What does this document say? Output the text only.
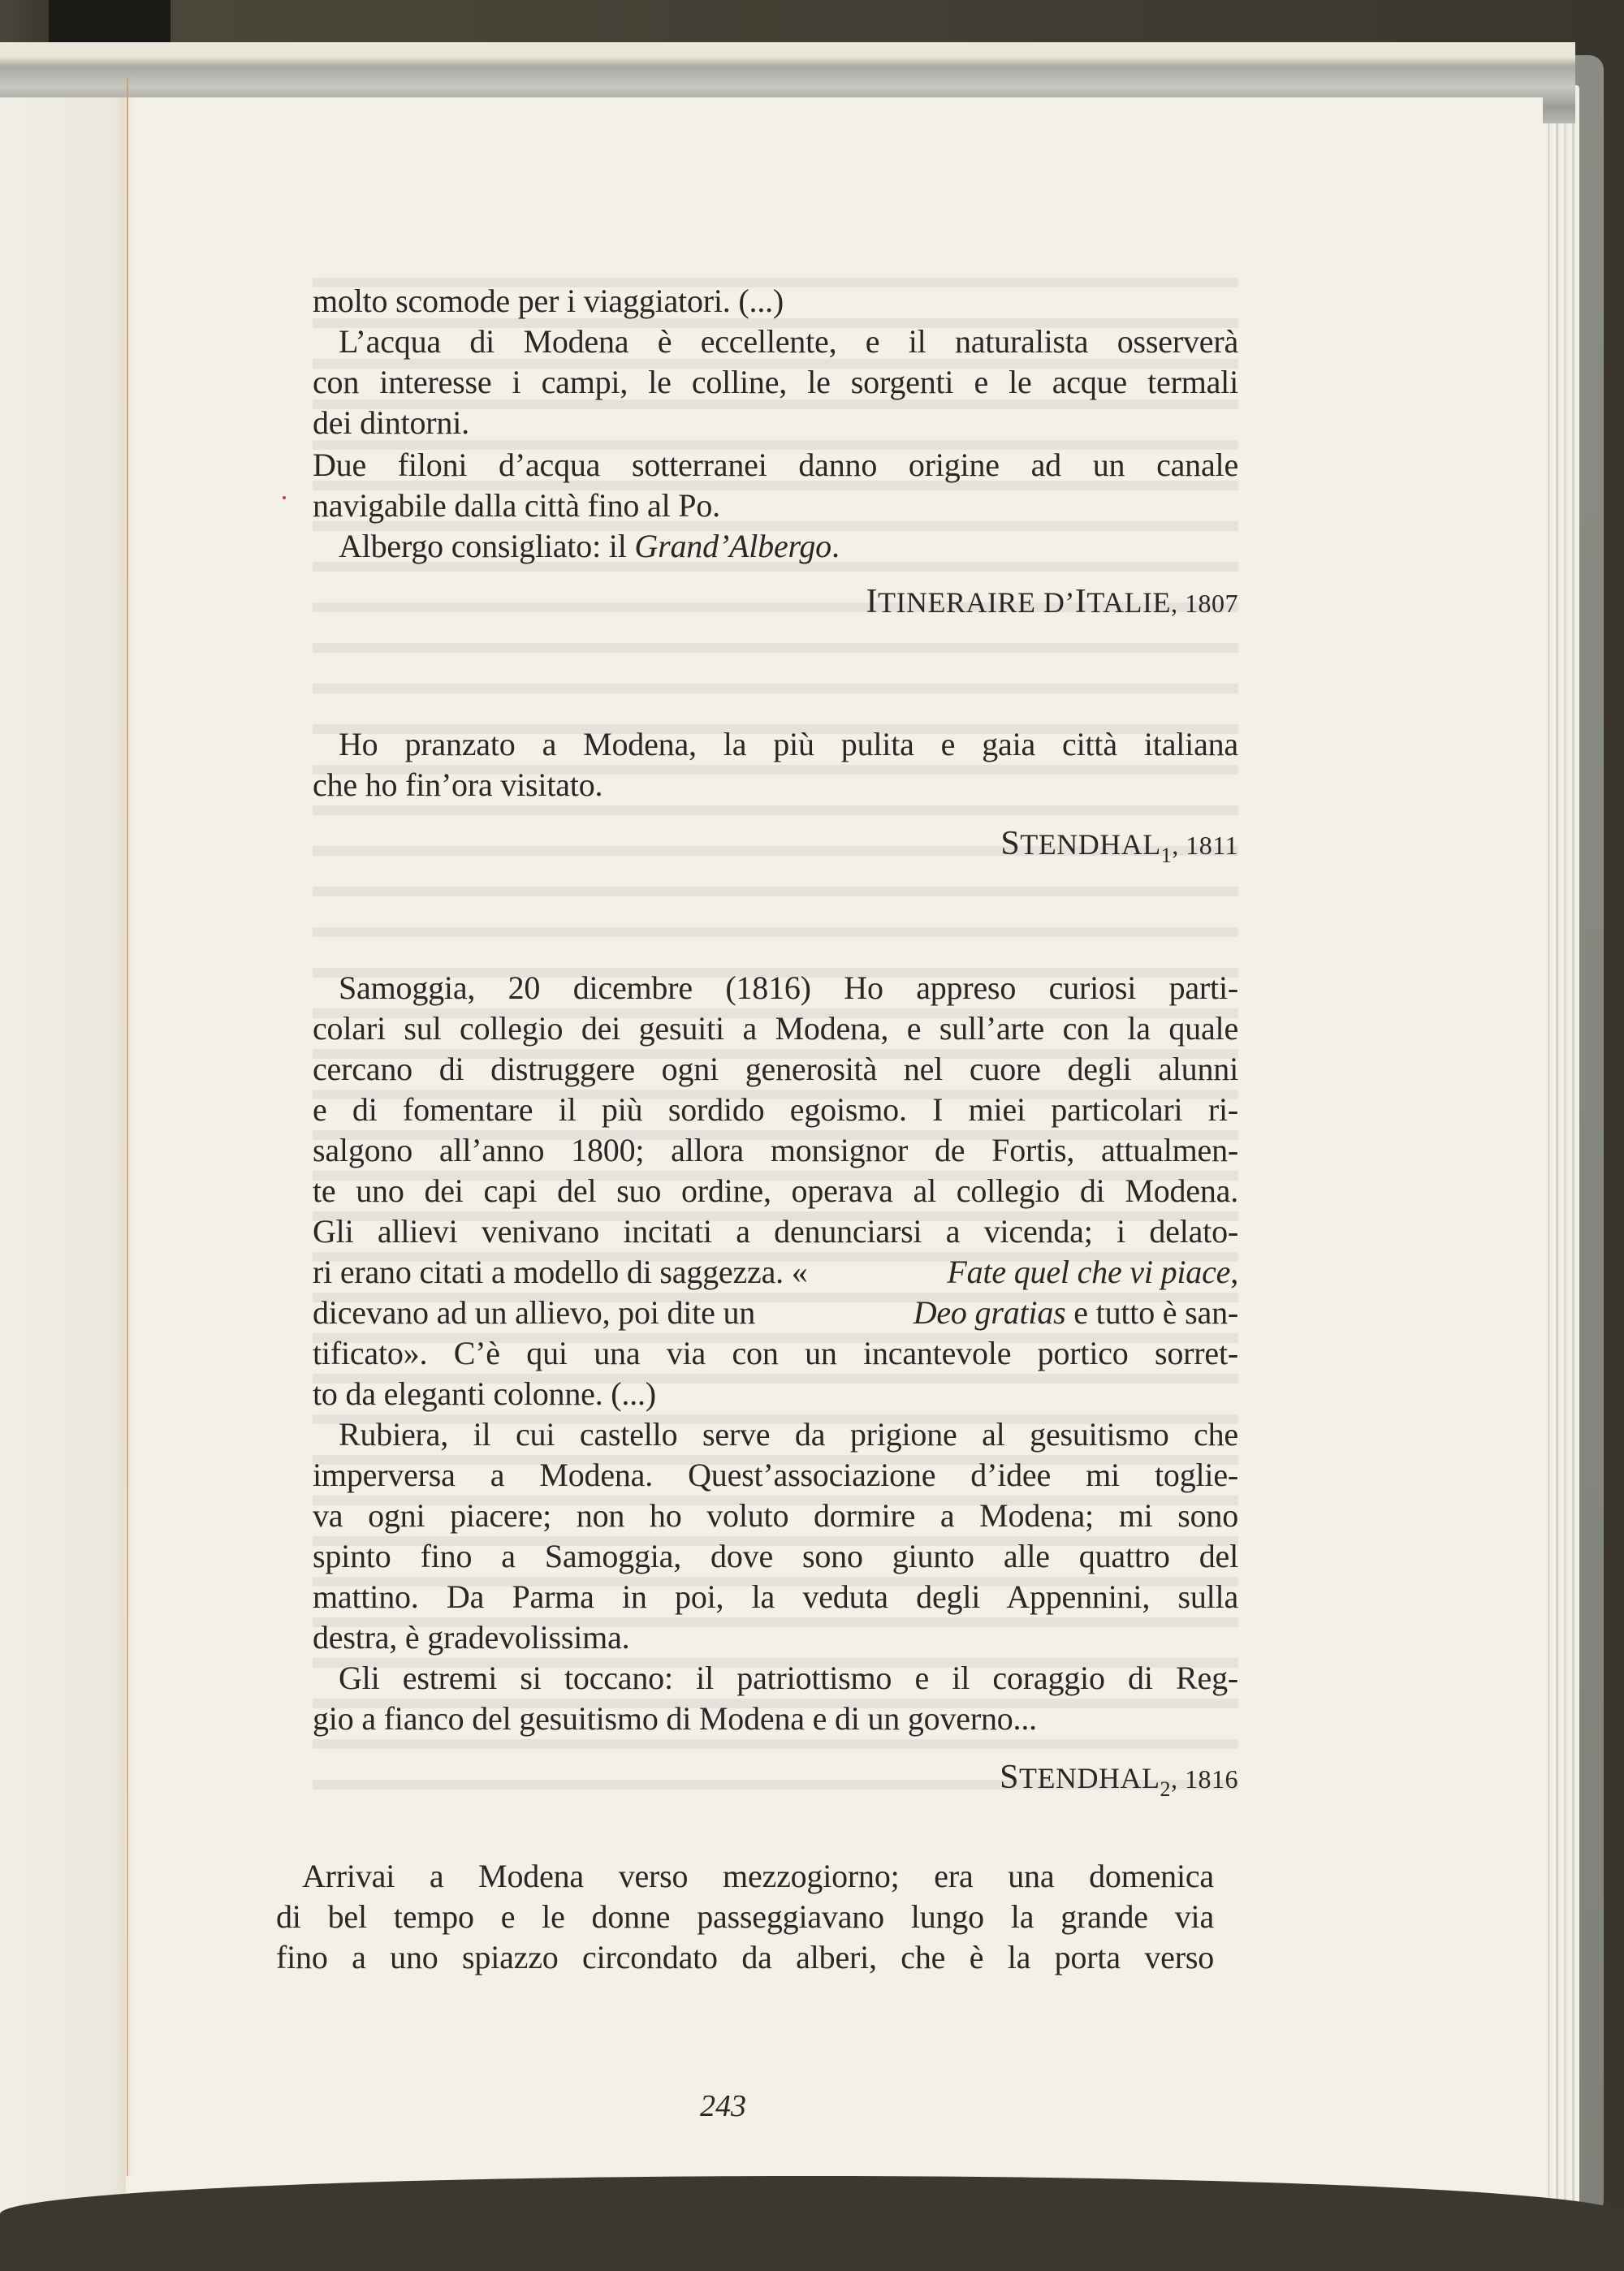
molto scomode per i viaggiatori. (...)
L’acqua di Modena è eccellente, e il naturalista osserverà
con interesse i campi, le colline, le sorgenti e le acque termali
dei dintorni.
Due filoni d’acqua sotterranei danno origine ad un canale
navigabile dalla città fino al Po.
Albergo consigliato: il Grand’Albergo.
ITINERAIRE D’ITALIE, 1807
Ho pranzato a Modena, la più pulita e gaia città italiana
che ho fin’ora visitato.
$STENDHAL_1$, 1811
Samoggia, 20 dicembre (1816) Ho appreso curiosi parti-
colari sul collegio dei gesuiti a Modena, e sull’arte con la quale
cercano di distruggere ogni generosità nel cuore degli alunni
e di fomentare il più sordido egoismo. I miei particolari ri-
salgono all’anno 1800; allora monsignor de Fortis, attualmen-
te uno dei capi del suo ordine, operava al collegio di Modena.
Gli allievi venivano incitati a denunciarsi a vicenda; i delato-
ri erano citati a modello di saggezza. «	Fate quel che vi piace,
dicevano ad un allievo, poi dite un	Deo gratias e tutto è san-
tificato». C’è qui una via con un incantevole portico sorret-
to da eleganti colonne. (...)
Rubiera, il cui castello serve da prigione al gesuitismo che
imperversa a Modena. Quest’associazione d’idee mi toglie-
va ogni piacere; non ho voluto dormire a Modena; mi sono
spinto fino a Samoggia, dove sono giunto alle quattro del
mattino. Da Parma in poi, la veduta degli Appennini, sulla
destra, è gradevolissima.
Gli estremi si toccano: il patriottismo e il coraggio di Reg-
gio a fianco del gesuitismo di Modena e di un governo...
$STENDHAL_2$, 1816
Arrivai a Modena verso mezzogiorno; era una domenica
di bel tempo e le donne passeggiavano lungo la grande via
fino a uno spiazzo circondato da alberi, che è la porta verso
243
